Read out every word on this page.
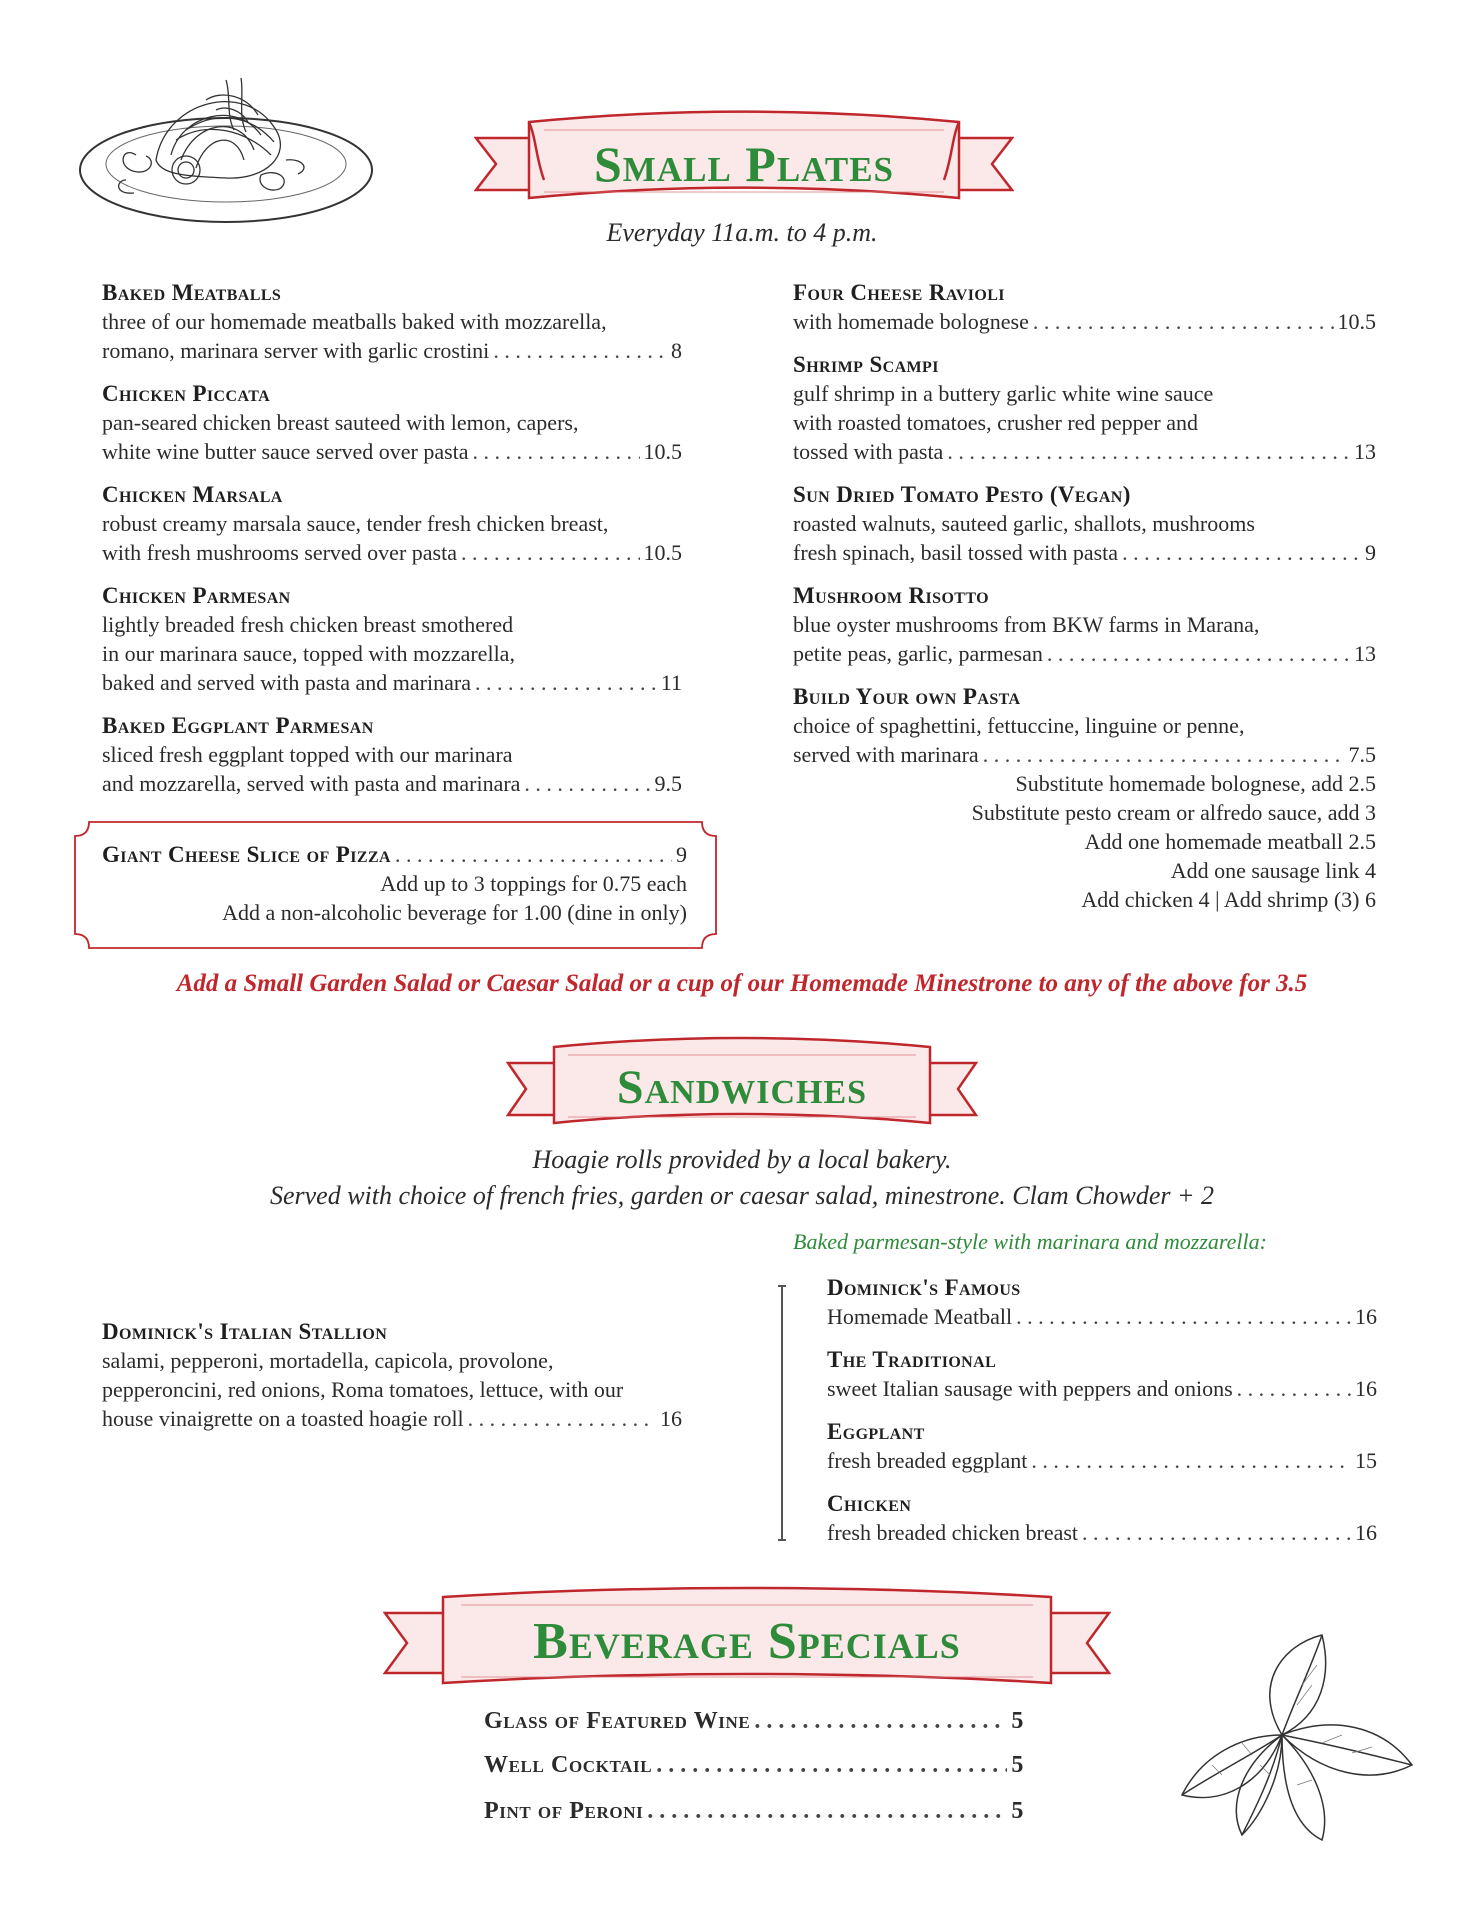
Small Plates
Everyday 11a.m. to 4 p.m.
Baked Meatballs
three of our homemade meatballs baked with mozzarella,
romano, marinara server with garlic crostini . . .	8
Chicken Piccata
pan-seared chicken breast sauteed with lemon, capers,
white wine butter sauce served over pasta . . .	10.5
Chicken Marsala
robust creamy marsala sauce, tender fresh chicken breast,
with fresh mushrooms served over pasta . . .	10.5
Chicken Parmesan
lightly breaded fresh chicken breast smothered
in our marinara sauce, topped with mozzarella,
baked and served with pasta and marinara . . .	11
Baked Eggplant Parmesan
sliced fresh eggplant topped with our marinara
and mozzarella, served with pasta and marinara . . .	9.5
Four Cheese Ravioli
with homemade bolognese . . .	10.5
Shrimp Scampi
gulf shrimp in a buttery garlic white wine sauce
with roasted tomatoes, crusher red pepper and
tossed with pasta . . .	13
Sun Dried Tomato Pesto (Vegan)
roasted walnuts, sauteed garlic, shallots, mushrooms
fresh spinach, basil tossed with pasta . . .	9
Mushroom Risotto
blue oyster mushrooms from BKW farms in Marana,
petite peas, garlic, parmesan . . .	13
Build Your own Pasta
choice of spaghettini, fettuccine, linguine or penne,
served with marinara . . .	7.5
Substitute homemade bolognese, add 2.5
Substitute pesto cream or alfredo sauce, add 3
Add one homemade meatball 2.5
Add one sausage link 4
Add chicken 4 | Add shrimp (3) 6
Giant Cheese Slice of Pizza . . .	9
Add up to 3 toppings for 0.75 each
Add a non-alcoholic beverage for 1.00 (dine in only)
Add a Small Garden Salad or Caesar Salad or a cup of our Homemade Minestrone to any of the above for 3.5
Sandwiches
Hoagie rolls provided by a local bakery.
Served with choice of french fries, garden or caesar salad, minestrone. Clam Chowder + 2
Baked parmesan-style with marinara and mozzarella:
Dominick's Italian Stallion
salami, pepperoni, mortadella, capicola, provolone,
pepperoncini, red onions, Roma tomatoes, lettuce, with our
house vinaigrette on a toasted hoagie roll . . .	16
Dominick's Famous
Homemade Meatball . . .	16
The Traditional
sweet Italian sausage with peppers and onions . . .	16
Eggplant
fresh breaded eggplant . . .	15
Chicken
fresh breaded chicken breast . . .	16
Beverage Specials
Glass of Featured Wine . . .	5
Well Cocktail . . .	5
Pint of Peroni . . .	5
